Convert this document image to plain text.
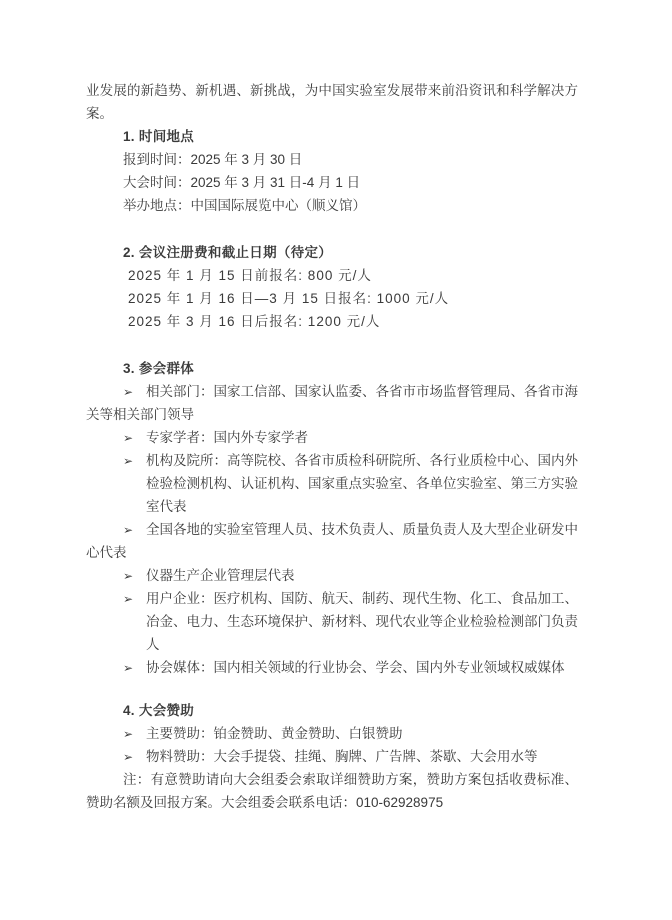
业发展的新趋势、新机遇、新挑战，为中国实验室发展带来前沿资讯和科学解决方
案。
1. 时间地点
报到时间：2025 年 3 月 30 日
大会时间：2025 年 3 月 31 日-4 月 1 日
举办地点：中国国际展览中心（顺义馆）
2. 会议注册费和截止日期（待定）
2025 年 1 月 15 日前报名: 800 元/人
2025 年 1 月 16 日—3 月 15 日报名: 1000 元/人
2025 年 3 月 16 日后报名: 1200 元/人
3. 参会群体
➢ 相关部门：国家工信部、国家认监委、各省市市场监督管理局、各省市海
关等相关部门领导
➢ 专家学者：国内外专家学者
➢ 机构及院所：高等院校、各省市质检科研院所、各行业质检中心、国内外
检验检测机构、认证机构、国家重点实验室、各单位实验室、第三方实验
室代表
➢ 全国各地的实验室管理人员、技术负责人、质量负责人及大型企业研发中
心代表
➢ 仪器生产企业管理层代表
➢ 用户企业：医疗机构、国防、航天、制药、现代生物、化工、食品加工、
冶金、电力、生态环境保护、新材料、现代农业等企业检验检测部门负责
人
➢ 协会媒体：国内相关领域的行业协会、学会、国内外专业领域权威媒体
4. 大会赞助
➢ 主要赞助：铂金赞助、黄金赞助、白银赞助
➢ 物料赞助：大会手提袋、挂绳、胸牌、广告牌、茶歇、大会用水等
注：有意赞助请向大会组委会索取详细赞助方案，赞助方案包括收费标准、
赞助名额及回报方案。大会组委会联系电话：010-62928975
